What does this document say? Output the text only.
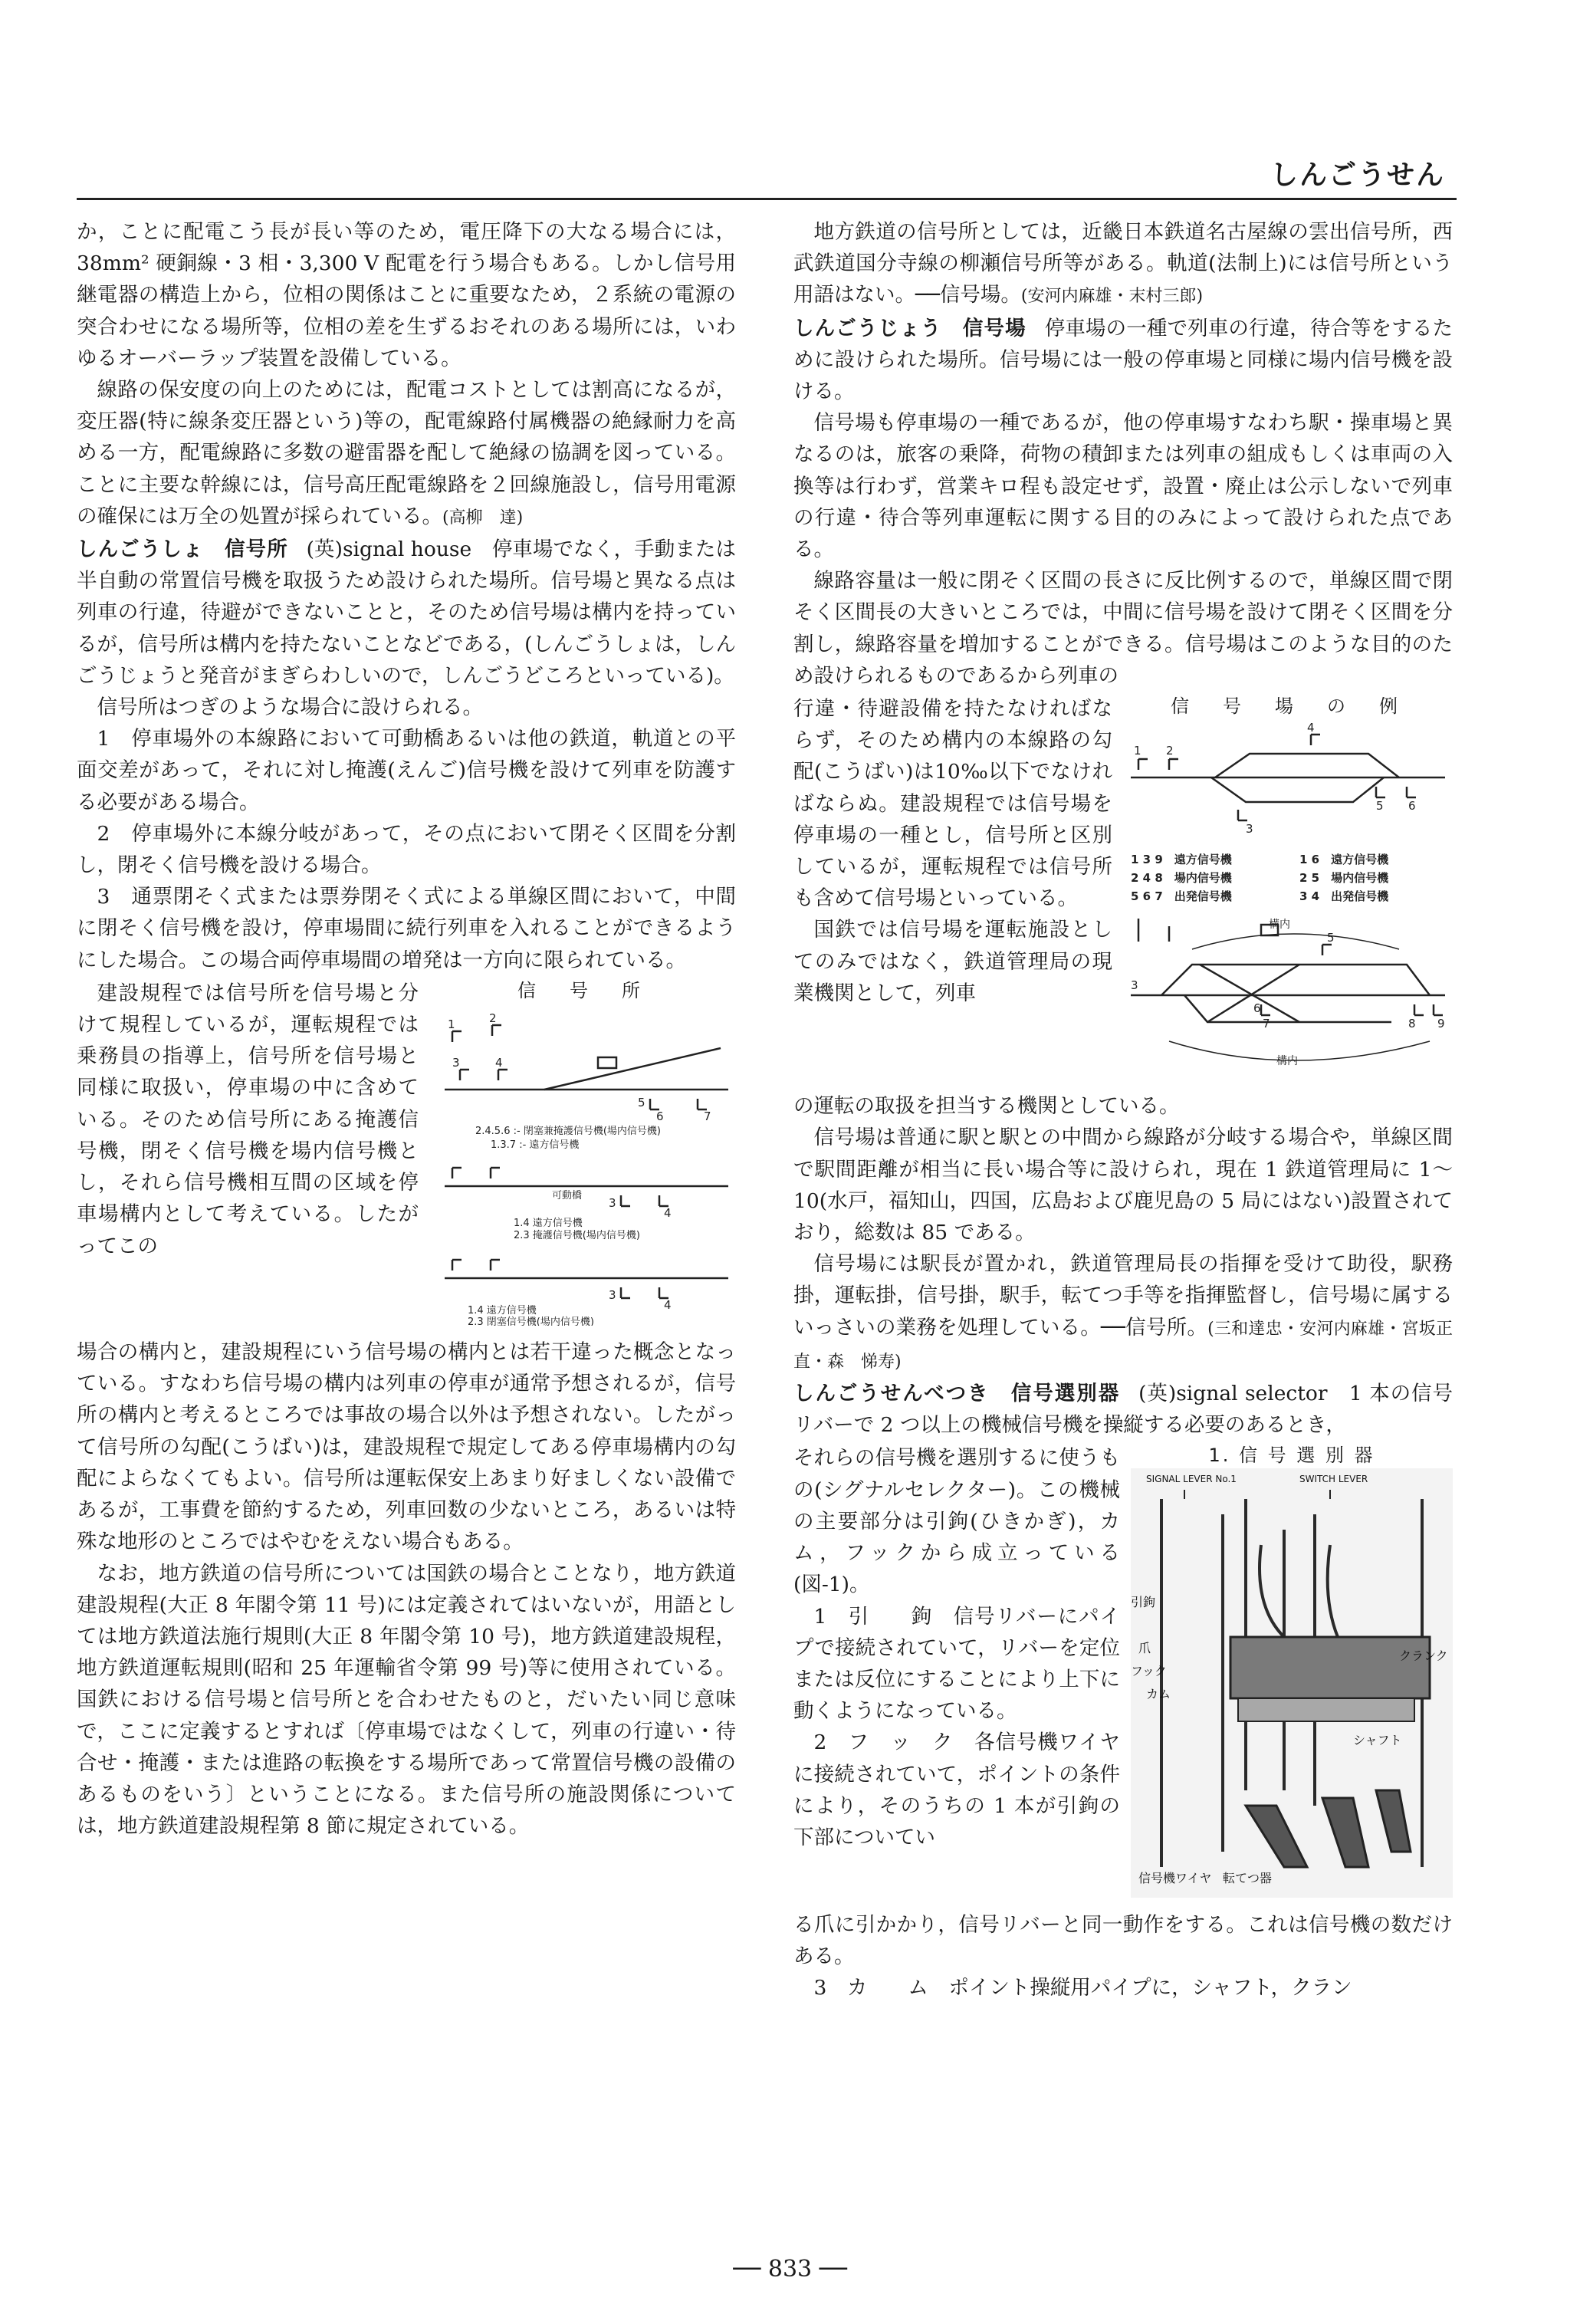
しんごうせん

か，ことに配電こう長が長い等のため，電圧降下の大なる場合には，38mm² 硬銅線・3 相・3,300 V 配電を行う場合もある。しかし信号用継電器の構造上から，位相の関係はことに重要なため，２系統の電源の突合わせになる場所等，位相の差を生ずるおそれのある場所には，いわゆるオーバーラップ装置を設備している。

線路の保安度の向上のためには，配電コストとしては割高になるが，変圧器(特に線条変圧器という)等の，配電線路付属機器の絶縁耐力を高める一方，配電線路に多数の避雷器を配して絶縁の協調を図っている。ことに主要な幹線には，信号高圧配電線路を２回線施設し，信号用電源の確保には万全の処置が採られている。(高柳　達)

しんごうしょ　信号所 (英)signal house　 停車場でなく，手動または半自動の常置信号機を取扱うため設けられた場所。信号場と異なる点は列車の行違，待避ができないことと，そのため信号場は構内を持っているが，信号所は構内を持たないことなどである，(しんごうしょは，しんごうじょうと発音がまぎらわしいので，しんごうどころといっている)。

信号所はつぎのような場合に設けられる。

1　停車場外の本線路において可動橋あるいは他の鉄道，軌道との平面交差があって，それに対し掩護(えんご)信号機を設けて列車を防護する必要がある場合。

2　停車場外に本線分岐があって，その点において閉そく区間を分割し，閉そく信号機を設ける場合。

3　通票閉そく式または票券閉そく式による単線区間において，中間に閉そく信号機を設け，停車場間に続行列車を入れることができるようにした場合。この場合両停車場間の増発は一方向に限られている。

信　号　所
1	2
3	4
5
6	7
3
4
3
4
2.4.5.6 :- 閉塞兼掩護信号機(場内信号機)
1.3.7 :- 遠方信号機
可動橋
1.4 遠方信号機
2.3 掩護信号機(場内信号機)
1.4 遠方信号機
2.3 閉塞信号機(場内信号機)

建設規程では信号所を信号場と分けて規程しているが，運転規程では乗務員の指導上，信号所を信号場と同様に取扱い，停車場の中に含めている。そのため信号所にある掩護信号機，閉そく信号機を場内信号機とし，それら信号機相互間の区域を停車場構内として考えている。したがってこの

場合の構内と，建設規程にいう信号場の構内とは若干違った概念となっている。すなわち信号場の構内は列車の停車が通常予想されるが，信号所の構内と考えるところでは事故の場合以外は予想されない。したがって信号所の勾配(こうばい)は，建設規程で規定してある停車場構内の勾配によらなくてもよい。信号所は運転保安上あまり好ましくない設備であるが，工事費を節約するため，列車回数の少ないところ，あるいは特殊な地形のところではやむをえない場合もある。

なお，地方鉄道の信号所については国鉄の場合とことなり，地方鉄道建設規程(大正 8 年閣令第 11 号)には定義されてはいないが，用語としては地方鉄道法施行規則(大正 8 年閣令第 10 号)，地方鉄道建設規程，地方鉄道運転規則(昭和 25 年運輸省令第 99 号)等に使用されている。国鉄における信号場と信号所とを合わせたものと，だいたい同じ意味で，ここに定義するとすれば〔停車場ではなくして，列車の行違い・待合せ・掩護・または進路の転換をする場所であって常置信号機の設備のあるものをいう〕ということになる。また信号所の施設関係については，地方鉄道建設規程第 8 節に規定されている。

地方鉄道の信号所としては，近畿日本鉄道名古屋線の雲出信号所，西武鉄道国分寺線の柳瀬信号所等がある。軌道(法制上)には信号所という用語はない。──信号場。(安河内麻雄・末村三郎)

しんごうじょう　信号場 停車場の一種で列車の行違，待合等をするために設けられた場所。信号場には一般の停車場と同様に場内信号機を設ける。

信号場も停車場の一種であるが，他の停車場すなわち駅・操車場と異なるのは，旅客の乗降，荷物の積卸または列車の組成もしくは車両の入換等は行わず，営業キロ程も設定せず，設置・廃止は公示しないで列車の行違・待合等列車運転に関する目的のみによって設けられた点である。

線路容量は一般に閉そく区間の長さに反比例するので，単線区間で閉そく区間長の大きいところでは，中間に信号場を設けて閉そく区間を分割し，線路容量を増加することができる。信号場はこのような目的のため設けられるものであるから列車の

信　号　場　の　例
1 2
4
3
5 6
3
5
6
7	8 9
構内
構内
1 3 9　遠方信号機	1 6　遠方信号機
2 4 8　場内信号機	2 5　場内信号機
5 6 7　出発信号機	3 4　出発信号機

行違・待避設備を持たなければならず，そのため構内の本線路の勾配(こうばい)は10‰以下でなければならぬ。建設規程では信号場を停車場の一種とし，信号所と区別しているが，運転規程では信号所も含めて信号場といっている。

国鉄では信号場を運転施設としてのみではなく，鉄道管理局の現業機関として，列車

の運転の取扱を担当する機関としている。

信号場は普通に駅と駅との中間から線路が分岐する場合や，単線区間で駅間距離が相当に長い場合等に設けられ，現在 1 鉄道管理局に 1～10(水戸，福知山，四国，広島および鹿児島の 5 局にはない)設置されており，総数は 85 である。

信号場には駅長が置かれ，鉄道管理局長の指揮を受けて助役，駅務掛，運転掛，信号掛，駅手，転てつ手等を指揮監督し，信号場に属するいっさいの業務を処理している。──信号所。(三和達忠・安河内麻雄・宮坂正直・森　悌寿)

しんごうせんべつき　信号選別器 (英)signal selector　 1 本の信号リバーで 2 つ以上の機械信号機を操縦する必要のあるとき，

1. 信 号 選 別 器
SIGNAL LEVER No.1	SWITCH LEVER
引鉤
爪
フック
カム
クランク
シャフト
信号機ワイヤ 転てつ器

それらの信号機を選別するに使うもの(シグナルセレクター)。この機械の主要部分は引鉤(ひきかぎ)，カム，フックから成立っている(図-1)。

1　引　　鉤　信号リバーにパイプで接続されていて，リバーを定位または反位にすることにより上下に動くようになっている。

2　フ　ッ　ク　各信号機ワイヤに接続されていて，ポイントの条件により，そのうちの 1 本が引鉤の下部についてい

る爪に引かかり，信号リバーと同一動作をする。これは信号機の数だけある。

3　カ　　ム　ポイント操縦用パイプに，シャフト，クラン

── 833 ──
